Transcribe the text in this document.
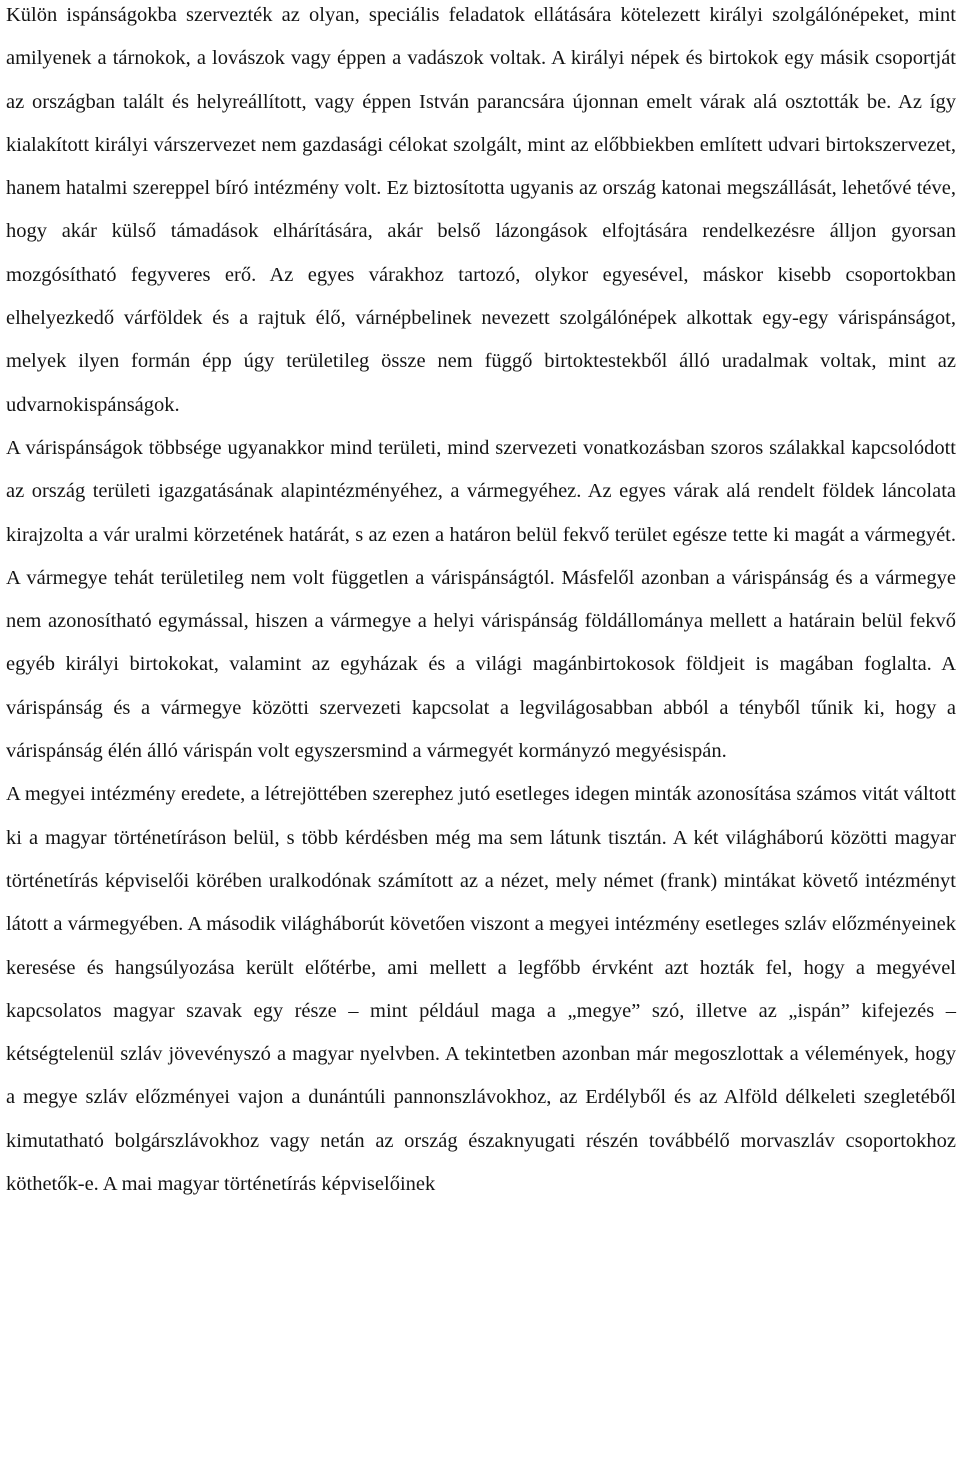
Külön ispánságokba szervezték az olyan, speciális feladatok ellátására kötelezett királyi szolgálónépeket, mint amilyenek a tárnokok, a lovászok vagy éppen a vadászok voltak. A királyi népek és birtokok egy másik csoportját az országban talált és helyreállított, vagy éppen István parancsára újonnan emelt várak alá osztották be. Az így kialakított királyi várszervezet nem gazdasági célokat szolgált, mint az előbbiekben említett udvari birtokszervezet, hanem hatalmi szereppel bíró intézmény volt. Ez biztosította ugyanis az ország katonai megszállását, lehetővé téve, hogy akár külső támadások elhárítására, akár belső lázongások elfojtására rendelkezésre álljon gyorsan mozgósítható fegyveres erő. Az egyes várakhoz tartozó, olykor egyesével, máskor kisebb csoportokban elhelyezkedő várföldek és a rajtuk élő, várnépbelinek nevezett szolgálónépek alkottak egy-egy várispánságot, melyek ilyen formán épp úgy területileg össze nem függő birtoktestekből álló uradalmak voltak, mint az udvarnokispánságok.

A várispánságok többsége ugyanakkor mind területi, mind szervezeti vonatkozásban szoros szálakkal kapcsolódott az ország területi igazgatásának alapintézményéhez, a vármegyéhez. Az egyes várak alá rendelt földek láncolata kirajzolta a vár uralmi körzetének határát, s az ezen a határon belül fekvő terület egésze tette ki magát a vármegyét. A vármegye tehát területileg nem volt független a várispánságtól. Másfelől azonban a várispánság és a vármegye nem azonosítható egymással, hiszen a vármegye a helyi várispánság földállománya mellett a határain belül fekvő egyéb királyi birtokokat, valamint az egyházak és a világi magánbirtokosok földjeit is magában foglalta. A várispánság és a vármegye közötti szervezeti kapcsolat a legvilágosabban abból a tényből tűnik ki, hogy a várispánság élén álló várispán volt egyszersmind a vármegyét kormányzó megyésispán.

A megyei intézmény eredete, a létrejöttében szerephez jutó esetleges idegen minták azonosítása számos vitát váltott ki a magyar történetíráson belül, s több kérdésben még ma sem látunk tisztán. A két világháború közötti magyar történetírás képviselői körében uralkodónak számított az a nézet, mely német (frank) mintákat követő intézményt látott a vármegyében. A második világháborút követően viszont a megyei intézmény esetleges szláv előzményeinek keresése és hangsúlyozása került előtérbe, ami mellett a legfőbb érvként azt hozták fel, hogy a megyével kapcsolatos magyar szavak egy része – mint például maga a „megye” szó, illetve az „ispán” kifejezés – kétségtelenül szláv jövevényszó a magyar nyelvben. A tekintetben azonban már megoszlottak a vélemények, hogy a megye szláv előzményei vajon a dunántúli pannonszlávokhoz, az Erdélyből és az Alföld délkeleti szegletéből kimutatható bolgárszlávokhoz vagy netán az ország északnyugati részén továbbélő morvaszláv csoportokhoz köthetők-e. A mai magyar történetírás képviselőinek
